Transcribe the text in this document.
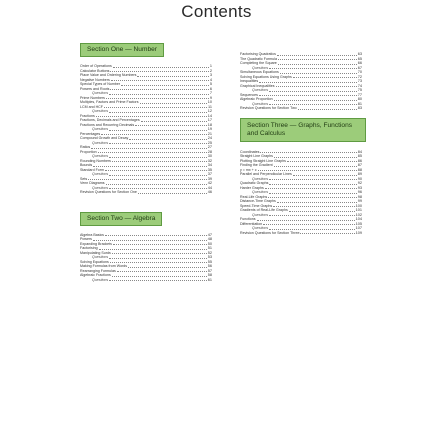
Contents
Section One — Number
Order of Operations	1
Calculator Buttons	2
Place Value and Ordering Numbers	3
Negative Numbers	4
Special Types of Number	5
Powers and Roots	6
Questions	7
Prime Numbers	9
Multiples, Factors and Prime Factors	10
LCM and HCF	11
Questions	12
Fractions	14
Fractions, Decimals and Percentages	17
Fractions and Recurring Decimals	18
Questions	19
Percentages	21
Compound Growth and Decay	24
Questions	25
Ratios	27
Proportion	28
Questions	30
Rounding Numbers	32
Bounds	34
Standard Form	35
Questions	37
Sets	39
Venn Diagrams	42
Questions	44
Revision Questions for Section One	46
Section Two — Algebra
Algebra Basics	47
Powers	48
Expanding Brackets	50
Factorising	51
Manipulating Surds	52
Questions	53
Solving Equations	55
Making Formulas from Words	56
Rearranging Formulas	57
Algebraic Fractions	58
Questions	61
Factorising Quadratics	63
The Quadratic Formula	65
Completing the Square	66
Questions	67
Simultaneous Equations	70
Solving Equations Using Graphs	72
Inequalities	73
Graphical Inequalities	74
Questions	75
Sequences	77
Algebraic Proportion	80
Questions	81
Revision Questions for Section Two	83
Section Three — Graphs, Functions and Calculus
Coordinates	84
Straight Line Graphs	85
Plotting Straight Line Graphs	86
Finding the Gradient	87
y = mx + c	88
Parallel and Perpendicular Lines	89
Questions	90
Quadratic Graphs	92
Harder Graphs	93
Questions	96
Real-Life Graphs	98
Distance-Time Graphs	99
Speed-Time Graphs	100
Gradients of Real-Life Graphs	101
Questions	102
Functions	104
Differentiation	105
Questions	107
Revision Questions for Section Three	109
